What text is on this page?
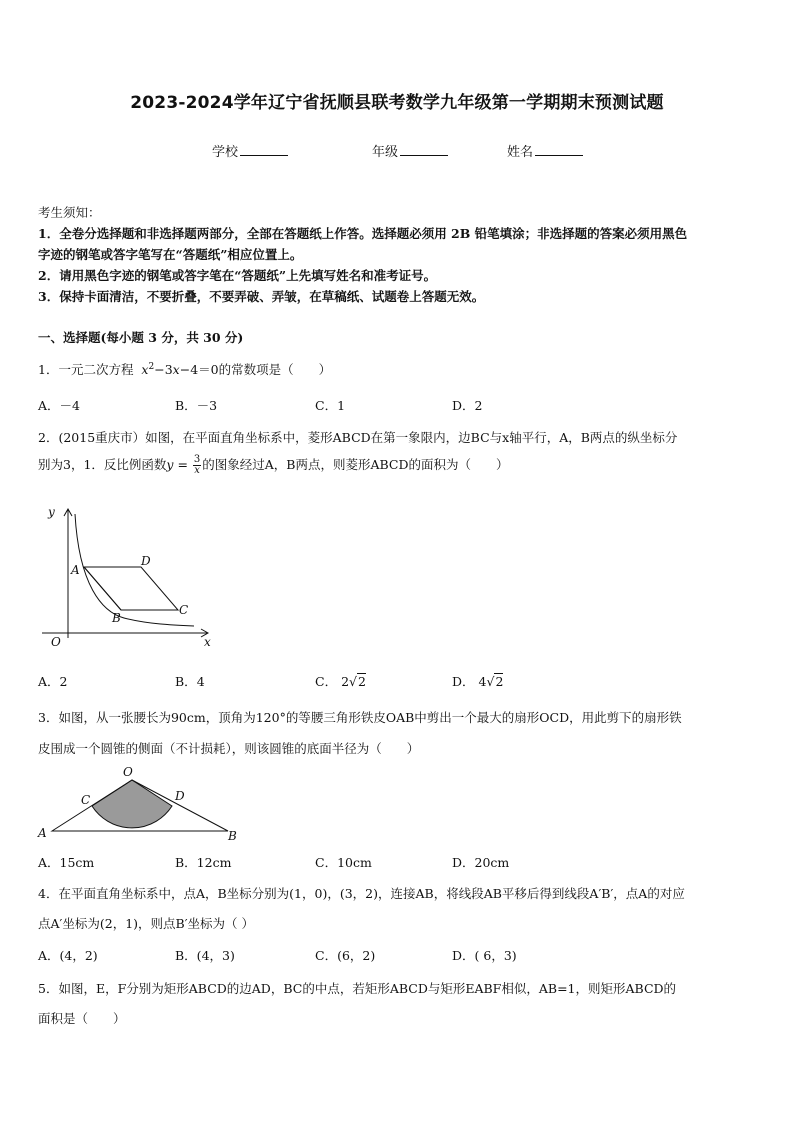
2023-2024学年辽宁省抚顺县联考数学九年级第一学期期末预测试题
学校	年级	姓名
考生须知：
1．全卷分选择题和非选择题两部分，全部在答题纸上作答。选择题必须用 2B 铅笔填涂；非选择题的答案必须用黑色
字迹的钢笔或答字笔写在“答题纸”相应位置上。
2．请用黑色字迹的钢笔或答字笔在“答题纸”上先填写姓名和准考证号。
3．保持卡面清洁，不要折叠，不要弄破、弄皱，在草稿纸、试题卷上答题无效。
一、选择题(每小题 3 分，共 30 分)
1．一元二次方程 $x^2-3x-4=0$的常数项是（　　）
A．－4	B．－3	C．1	D．2
2．(2015重庆市）如图，在平面直角坐标系中，菱形ABCD在第一象限内，边BC与x轴平行，A，B两点的纵坐标分
别为3，1．反比例函数$y = \frac{3}{x}$ 的图象经过A，B两点，则菱形ABCD的面积为（　　）
y
x
O
A
D
C
B
A．2	B．4	C． 2√2	D． 4√2
3．如图，从一张腰长为90cm，顶角为120°的等腰三角形铁皮OAB中剪出一个最大的扇形OCD，用此剪下的扇形铁
皮围成一个圆锥的侧面（不计损耗），则该圆锥的底面半径为（　　）
O
C	D
A	B
A．15cm	B．12cm	C．10cm	D．20cm
4．在平面直角坐标系中，点A，B坐标分别为(1，0)，(3，2)，连接AB，将线段AB平移后得到线段A′B′，点A的对应
点A′坐标为(2，1)，则点B′坐标为（ ）
A．(4，2)	B．(4，3)	C．(6，2)	D．( 6，3)
5．如图，E，F分别为矩形ABCD的边AD，BC的中点，若矩形ABCD与矩形EABF相似，AB=1，则矩形ABCD的
面积是（　　）
